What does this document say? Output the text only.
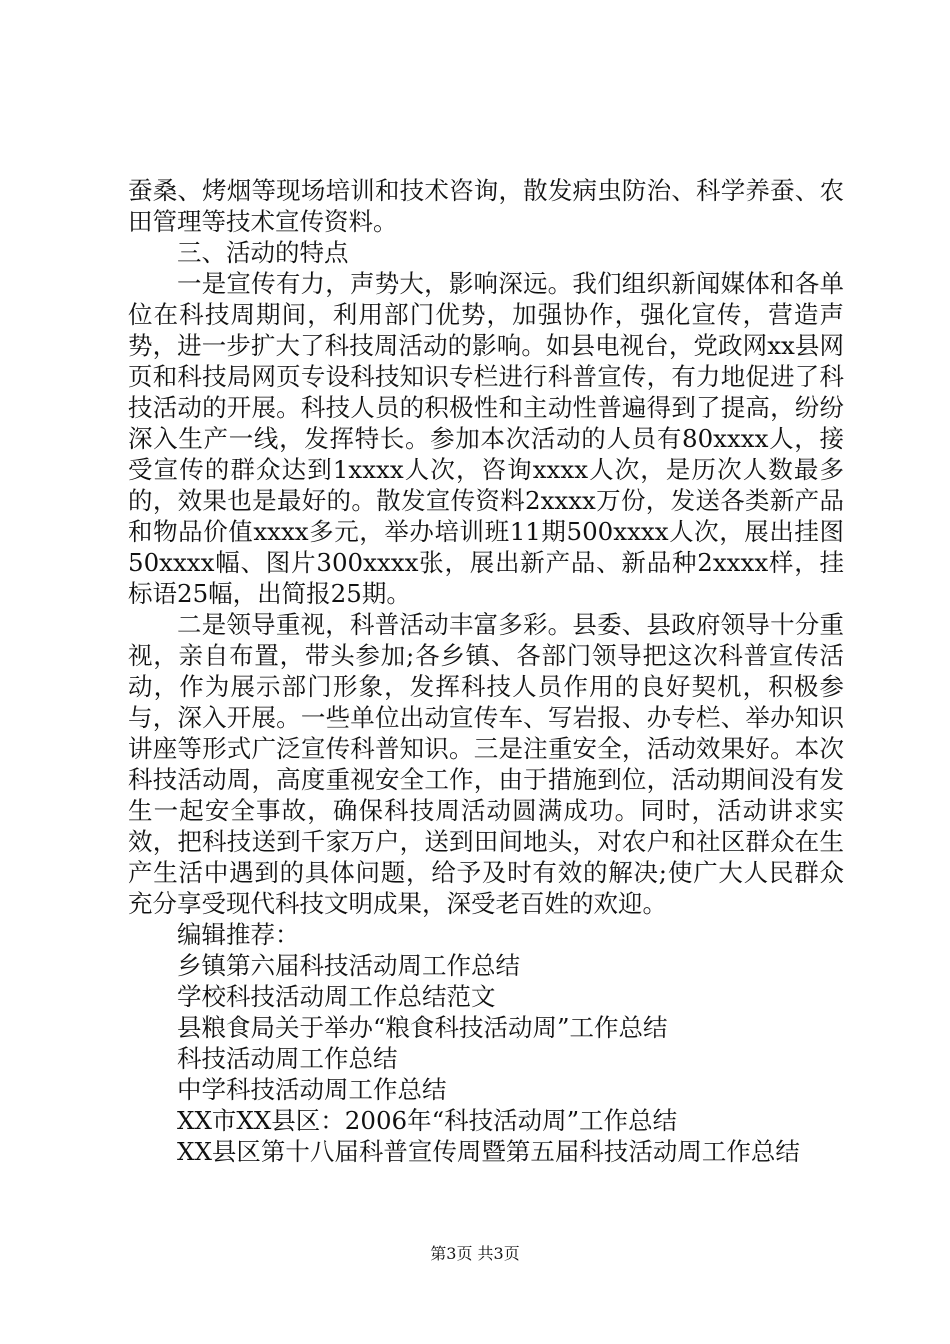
蚕桑、烤烟等现场培训和技术咨询，散发病虫防治、科学养蚕、农田管理等技术宣传资料。

三、活动的特点

一是宣传有力，声势大，影响深远。我们组织新闻媒体和各单位在科技周期间，利用部门优势，加强协作，强化宣传，营造声势，进一步扩大了科技周活动的影响。如县电视台，党政网xx县网页和科技局网页专设科技知识专栏进行科普宣传，有力地促进了科技活动的开展。科技人员的积极性和主动性普遍得到了提高，纷纷深入生产一线，发挥特长。参加本次活动的人员有80xxxx人，接受宣传的群众达到1xxxx人次，咨询xxxx人次，是历次人数最多的，效果也是最好的。散发宣传资料2xxxx万份，发送各类新产品和物品价值xxxx多元，举办培训班11期500xxxx人次，展出挂图50xxxx幅、图片300xxxx张，展出新产品、新品种2xxxx样，挂标语25幅，出简报25期。

二是领导重视，科普活动丰富多彩。县委、县政府领导十分重视，亲自布置，带头参加;各乡镇、各部门领导把这次科普宣传活动，作为展示部门形象，发挥科技人员作用的良好契机，积极参与，深入开展。一些单位出动宣传车、写岩报、办专栏、举办知识讲座等形式广泛宣传科普知识。三是注重安全，活动效果好。本次科技活动周，高度重视安全工作，由于措施到位，活动期间没有发生一起安全事故，确保科技周活动圆满成功。同时，活动讲求实效，把科技送到千家万户，送到田间地头，对农户和社区群众在生产生活中遇到的具体问题，给予及时有效的解决;使广大人民群众充分享受现代科技文明成果，深受老百姓的欢迎。

编辑推荐：

乡镇第六届科技活动周工作总结
学校科技活动周工作总结范文
县粮食局关于举办“粮食科技活动周”工作总结
科技活动周工作总结
中学科技活动周工作总结
XX市XX县区：2006年“科技活动周”工作总结
XX县区第十八届科普宣传周暨第五届科技活动周工作总结
第3页 共3页
